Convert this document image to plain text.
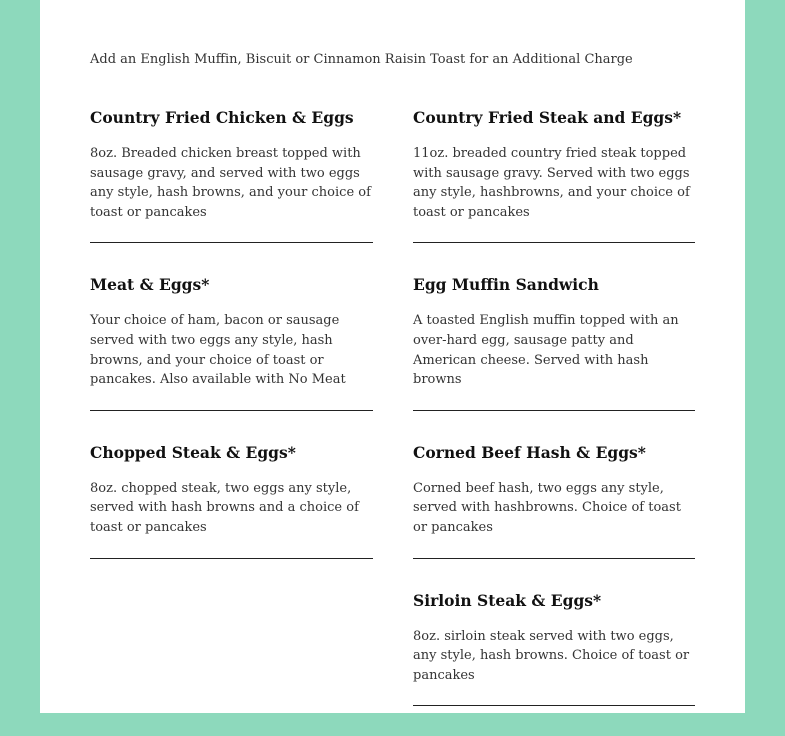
Add an English Muffin, Biscuit or Cinnamon Raisin Toast for an Additional Charge
Country Fried Chicken & Eggs

8oz. Breaded chicken breast topped with sausage gravy, and served with two eggs any style, hash browns, and your choice of toast or pancakes

Meat & Eggs*

Your choice of ham, bacon or sausage served with two eggs any style, hash browns, and your choice of toast or pancakes. Also available with No Meat

Chopped Steak & Eggs*

8oz. chopped steak, two eggs any style, served with hash browns and a choice of toast or pancakes

Country Fried Steak and Eggs*

11oz. breaded country fried steak topped with sausage gravy. Served with two eggs any style, hashbrowns, and your choice of toast or pancakes

Egg Muffin Sandwich

A toasted English muffin topped with an over-hard egg, sausage patty and American cheese. Served with hash browns

Corned Beef Hash & Eggs*

Corned beef hash, two eggs any style, served with hashbrowns. Choice of toast or pancakes

Sirloin Steak & Eggs*

8oz. sirloin steak served with two eggs, any style, hash browns. Choice of toast or pancakes
